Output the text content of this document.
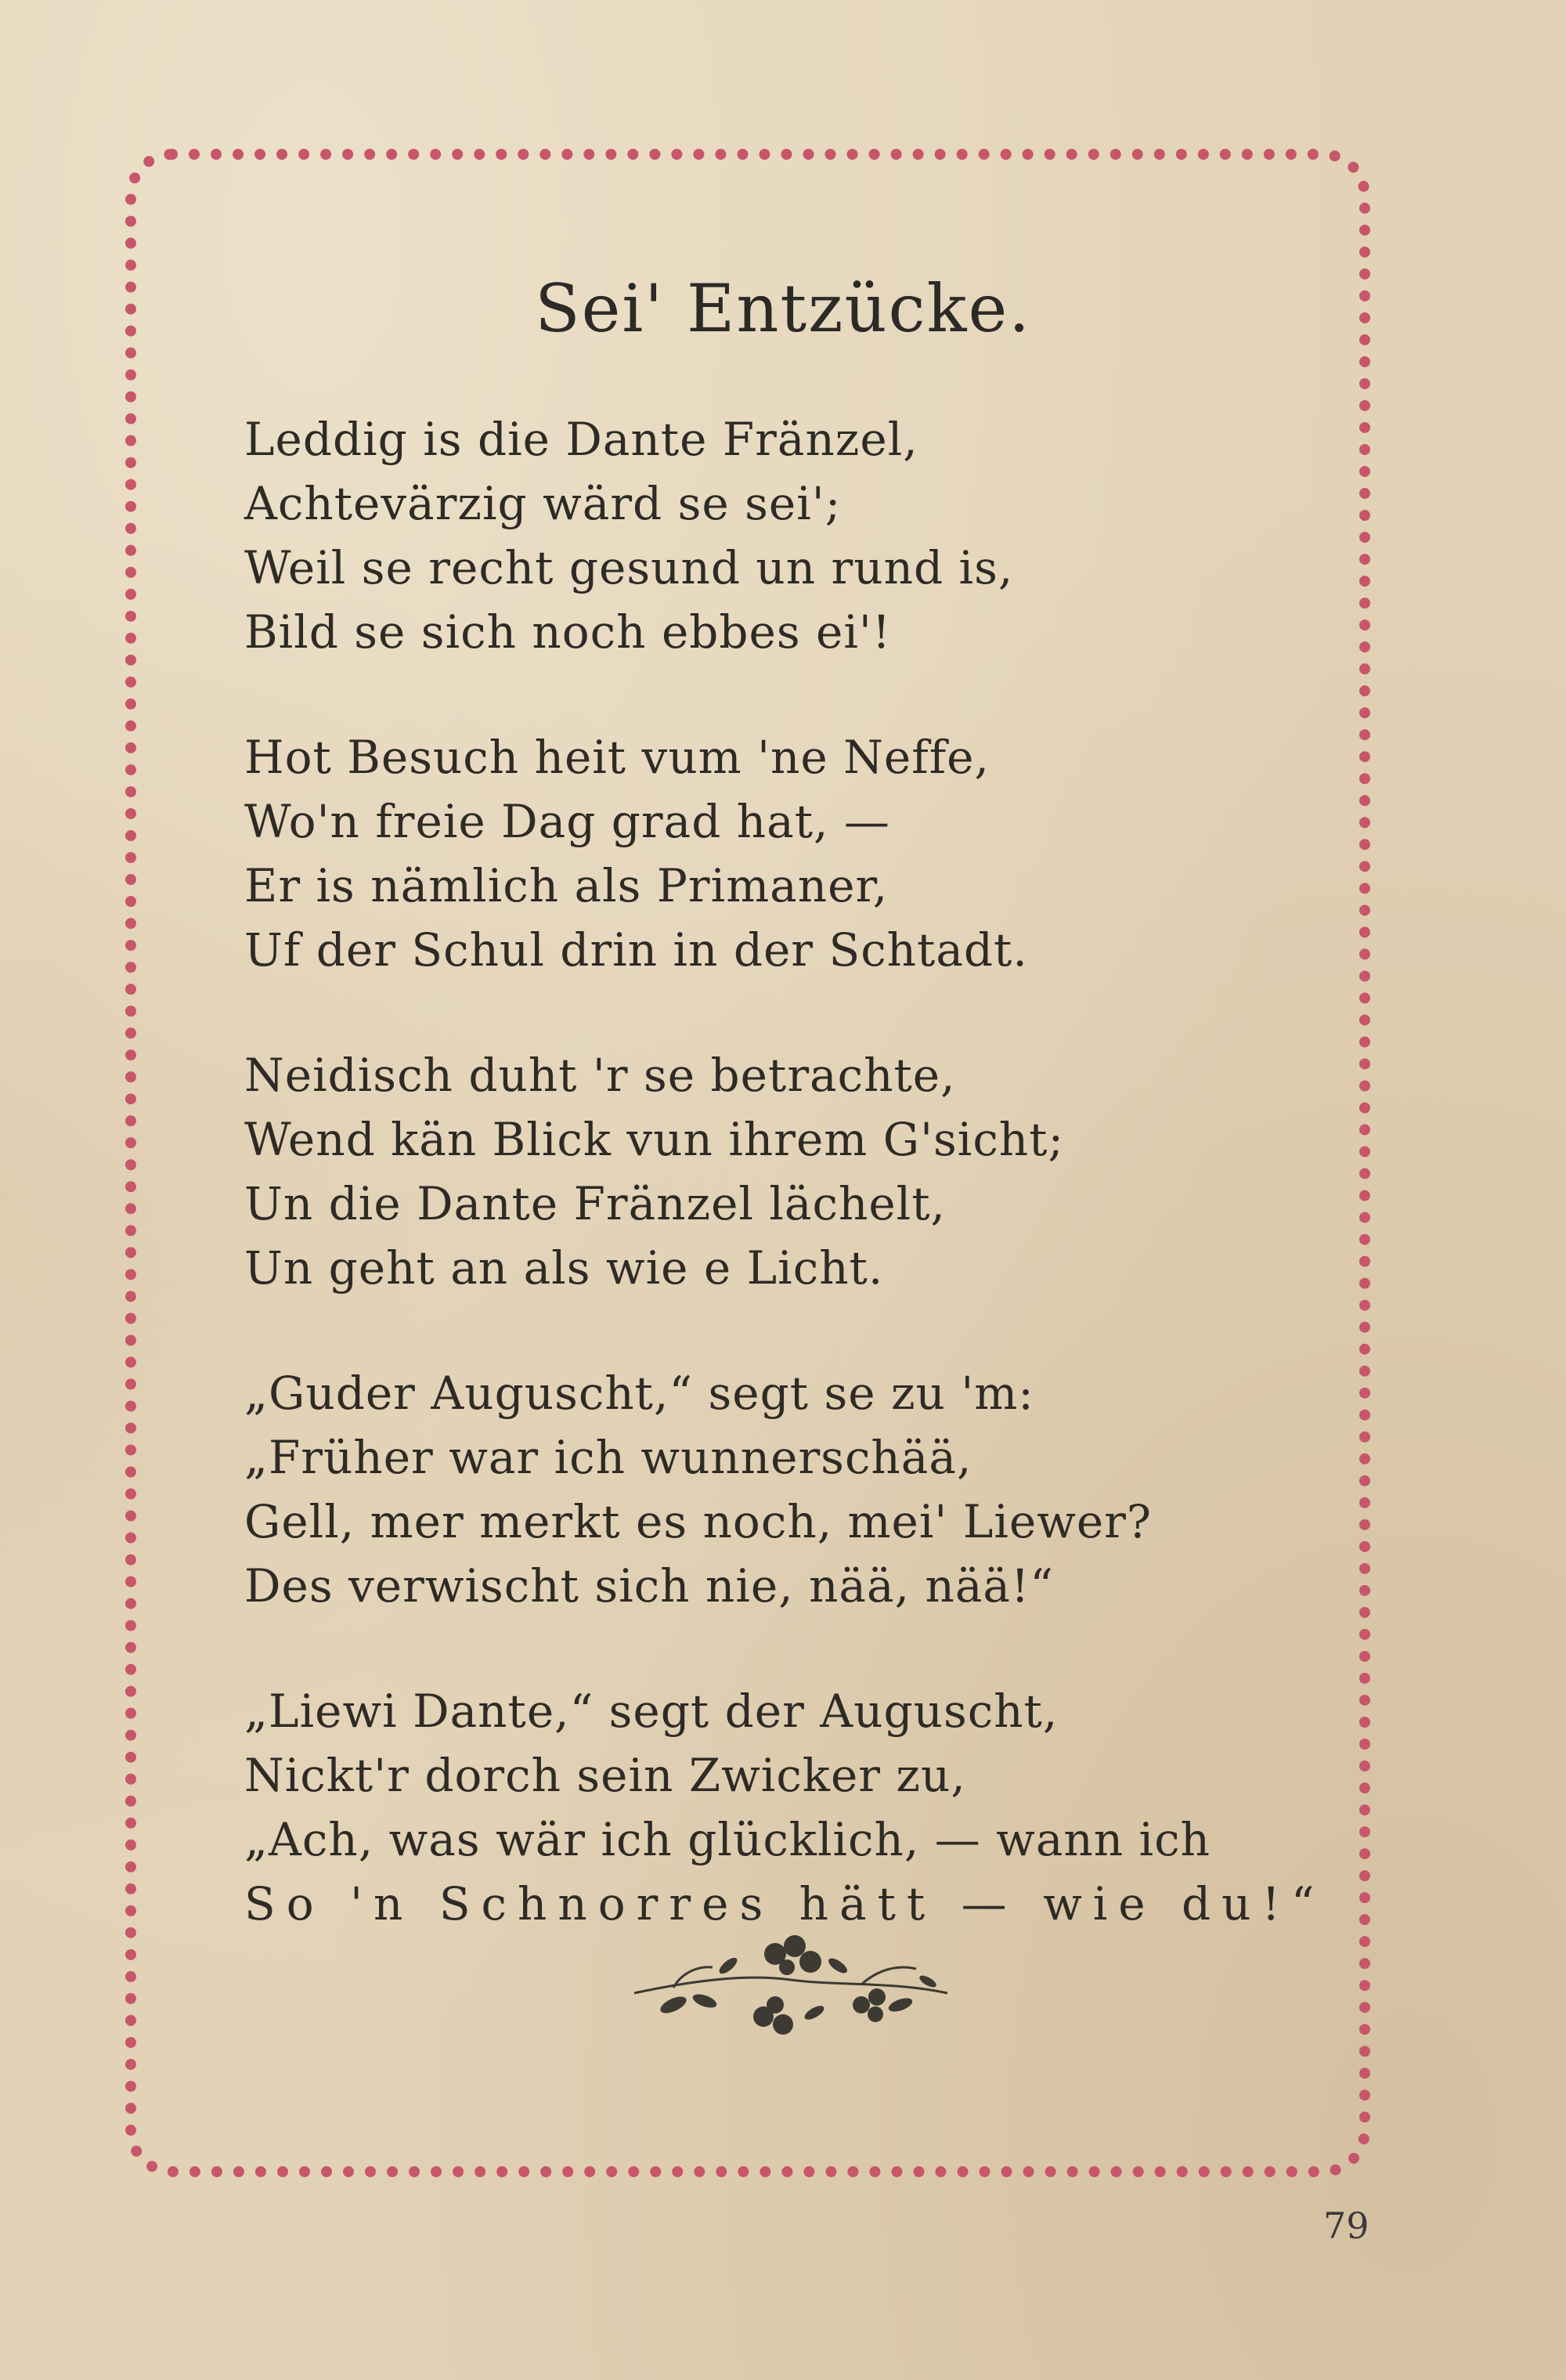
Sei' Entzücke.
Leddig is die Dante Fränzel,
Achtevärzig wärd se sei';
Weil se recht gesund un rund is,
Bild se sich noch ebbes ei'!
Hot Besuch heit vum 'ne Neffe,
Wo'n freie Dag grad hat, —
Er is nämlich als Primaner,
Uf der Schul drin in der Schtadt.
Neidisch duht 'r se betrachte,
Wend kän Blick vun ihrem G'sicht;
Un die Dante Fränzel lächelt,
Un geht an als wie e Licht.
„Guder Auguscht,“ segt se zu 'm:
„Früher war ich wunnerschää,
Gell, mer merkt es noch, mei' Liewer?
Des verwischt sich nie, nää, nää!“
„Liewi Dante,“ segt der Auguscht,
Nickt'r dorch sein Zwicker zu,
„Ach, was wär ich glücklich, — wann ich
So 'n Schnorres hätt — wie du!“
79
